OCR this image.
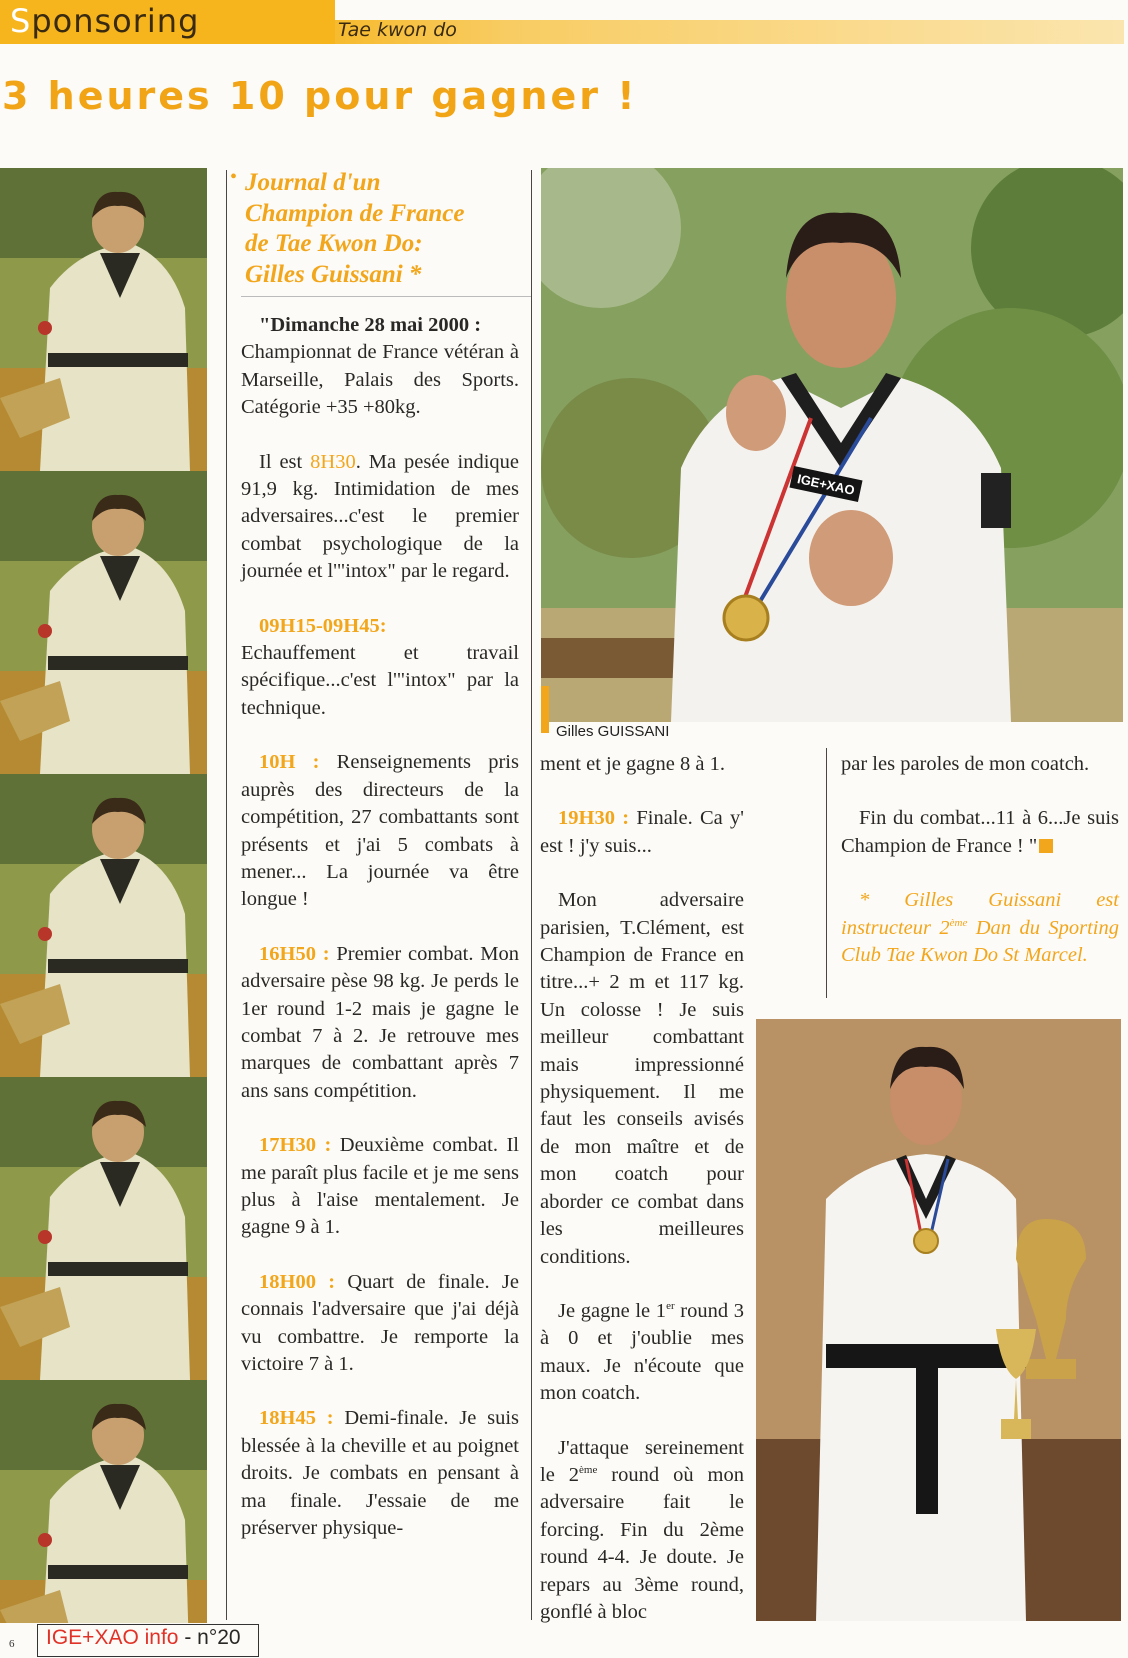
Sponsoring	Tae kwon do
3 heures 10 pour gagner !
• Journal d'un
Champion de France
de Tae Kwon Do:
Gilles Guissani *

"Dimanche 28 mai 2000 :
Championnat de France vétéran à Marseille, Palais des Sports. Catégorie +35 +80kg.

Il est 8H30. Ma pesée indique 91,9 kg. Intimidation de mes adversaires...c'est le premier combat psychologique de la journée et l'"intox" par le regard.

09H15-09H45:
Echauffement et travail spécifique...c'est l'"intox" par la technique.

10H : Renseignements pris auprès des directeurs de la compétition, 27 combattants sont présents et j'ai 5 combats à mener... La journée va être longue !

16H50 : Premier combat. Mon adversaire pèse 98 kg. Je perds le 1er round 1-2 mais je gagne le combat 7 à 2. Je retrouve mes marques de combattant après 7 ans sans compétition.

17H30 : Deuxième combat. Il me paraît plus facile et je me sens plus à l'aise mentalement. Je gagne 9 à 1.

18H00 : Quart de finale. Je connais l'adversaire que j'ai déjà vu combattre. Je remporte la victoire 7 à 1.

18H45 : Demi-finale. Je suis blessée à la cheville et au poignet droits. Je combats en pensant à ma finale. J'essaie de me préserver physique-

IGE+XAO
Gilles GUISSANI

ment et je gagne 8 à 1.

19H30 : Finale. Ca y' est ! j'y suis...

Mon adversaire parisien, T.Clément, est Champion de France en titre...+ 2 m et 117 kg. Un colosse ! Je suis meilleur combattant mais impressionné physiquement. Il me faut les conseils avisés de mon maître et de mon coatch pour aborder ce combat dans les meilleures conditions.

Je gagne le 1er round 3 à 0 et j'oublie mes maux. Je n'écoute que mon coatch.

J'attaque sereinement le 2ème round où mon adversaire fait le forcing. Fin du 2ème round 4-4. Je doute. Je repars au 3ème round, gonflé à bloc

par les paroles de mon coatch.

Fin du combat...11 à 6...Je suis Champion de France ! "

* Gilles Guissani est instructeur 2ème Dan du Sporting Club Tae Kwon Do St Marcel.

6 IGE+XAO info - n°20
